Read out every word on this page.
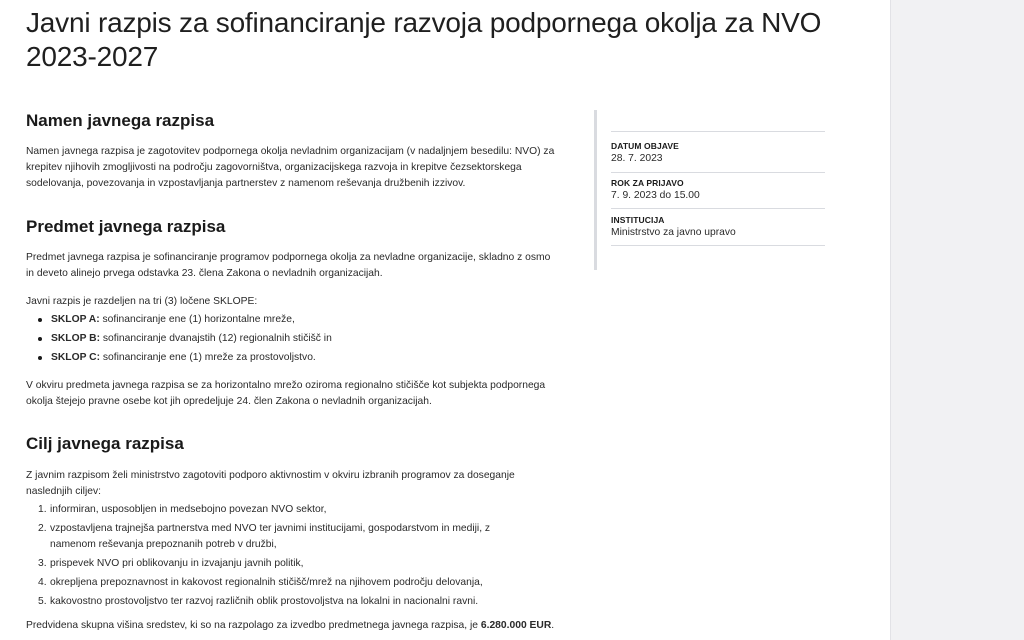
Javni razpis za sofinanciranje razvoja podpornega okolja za NVO 2023-2027
Namen javnega razpisa

Namen javnega razpisa je zagotovitev podpornega okolja nevladnim organizacijam (v nadaljnjem besedilu: NVO) za krepitev njihovih zmogljivosti na področju zagovorništva, organizacijskega razvoja in krepitve čezsektorskega sodelovanja, povezovanja in vzpostavljanja partnerstev z namenom reševanja družbenih izzivov.

Predmet javnega razpisa

Predmet javnega razpisa je sofinanciranje programov podpornega okolja za nevladne organizacije, skladno z osmo in deveto alinejo prvega odstavka 23. člena Zakona o nevladnih organizacijah.

Javni razpis je razdeljen na tri (3) ločene SKLOPE:

SKLOP A: sofinanciranje ene (1) horizontalne mreže,
SKLOP B: sofinanciranje dvanajstih (12) regionalnih stičišč in
SKLOP C: sofinanciranje ene (1) mreže za prostovoljstvo.

V okviru predmeta javnega razpisa se za horizontalno mrežo oziroma regionalno stičišče kot subjekta podpornega okolja štejejo pravne osebe kot jih opredeljuje 24. člen Zakona o nevladnih organizacijah.

Cilj javnega razpisa

Z javnim razpisom želi ministrstvo zagotoviti podporo aktivnostim v okviru izbranih programov za doseganje naslednjih ciljev:

1. informiran, usposobljen in medsebojno povezan NVO sektor,
2. vzpostavljena trajnejša partnerstva med NVO ter javnimi institucijami, gospodarstvom in mediji, z namenom reševanja prepoznanih potreb v družbi,
3. prispevek NVO pri oblikovanju in izvajanju javnih politik,
4. okrepljena prepoznavnost in kakovost regionalnih stičišč/mrež na njihovem področju delovanja,
5. kakovostno prostovoljstvo ter razvoj različnih oblik prostovoljstva na lokalni in nacionalni ravni.

Predvidena skupna višina sredstev, ki so na razpolago za izvedbo predmetnega javnega razpisa, je 6.280.000 EUR.

DATUM OBJAVE
28. 7. 2023
ROK ZA PRIJAVO
7. 9. 2023 do 15.00
INSTITUCIJA
Ministrstvo za javno upravo
